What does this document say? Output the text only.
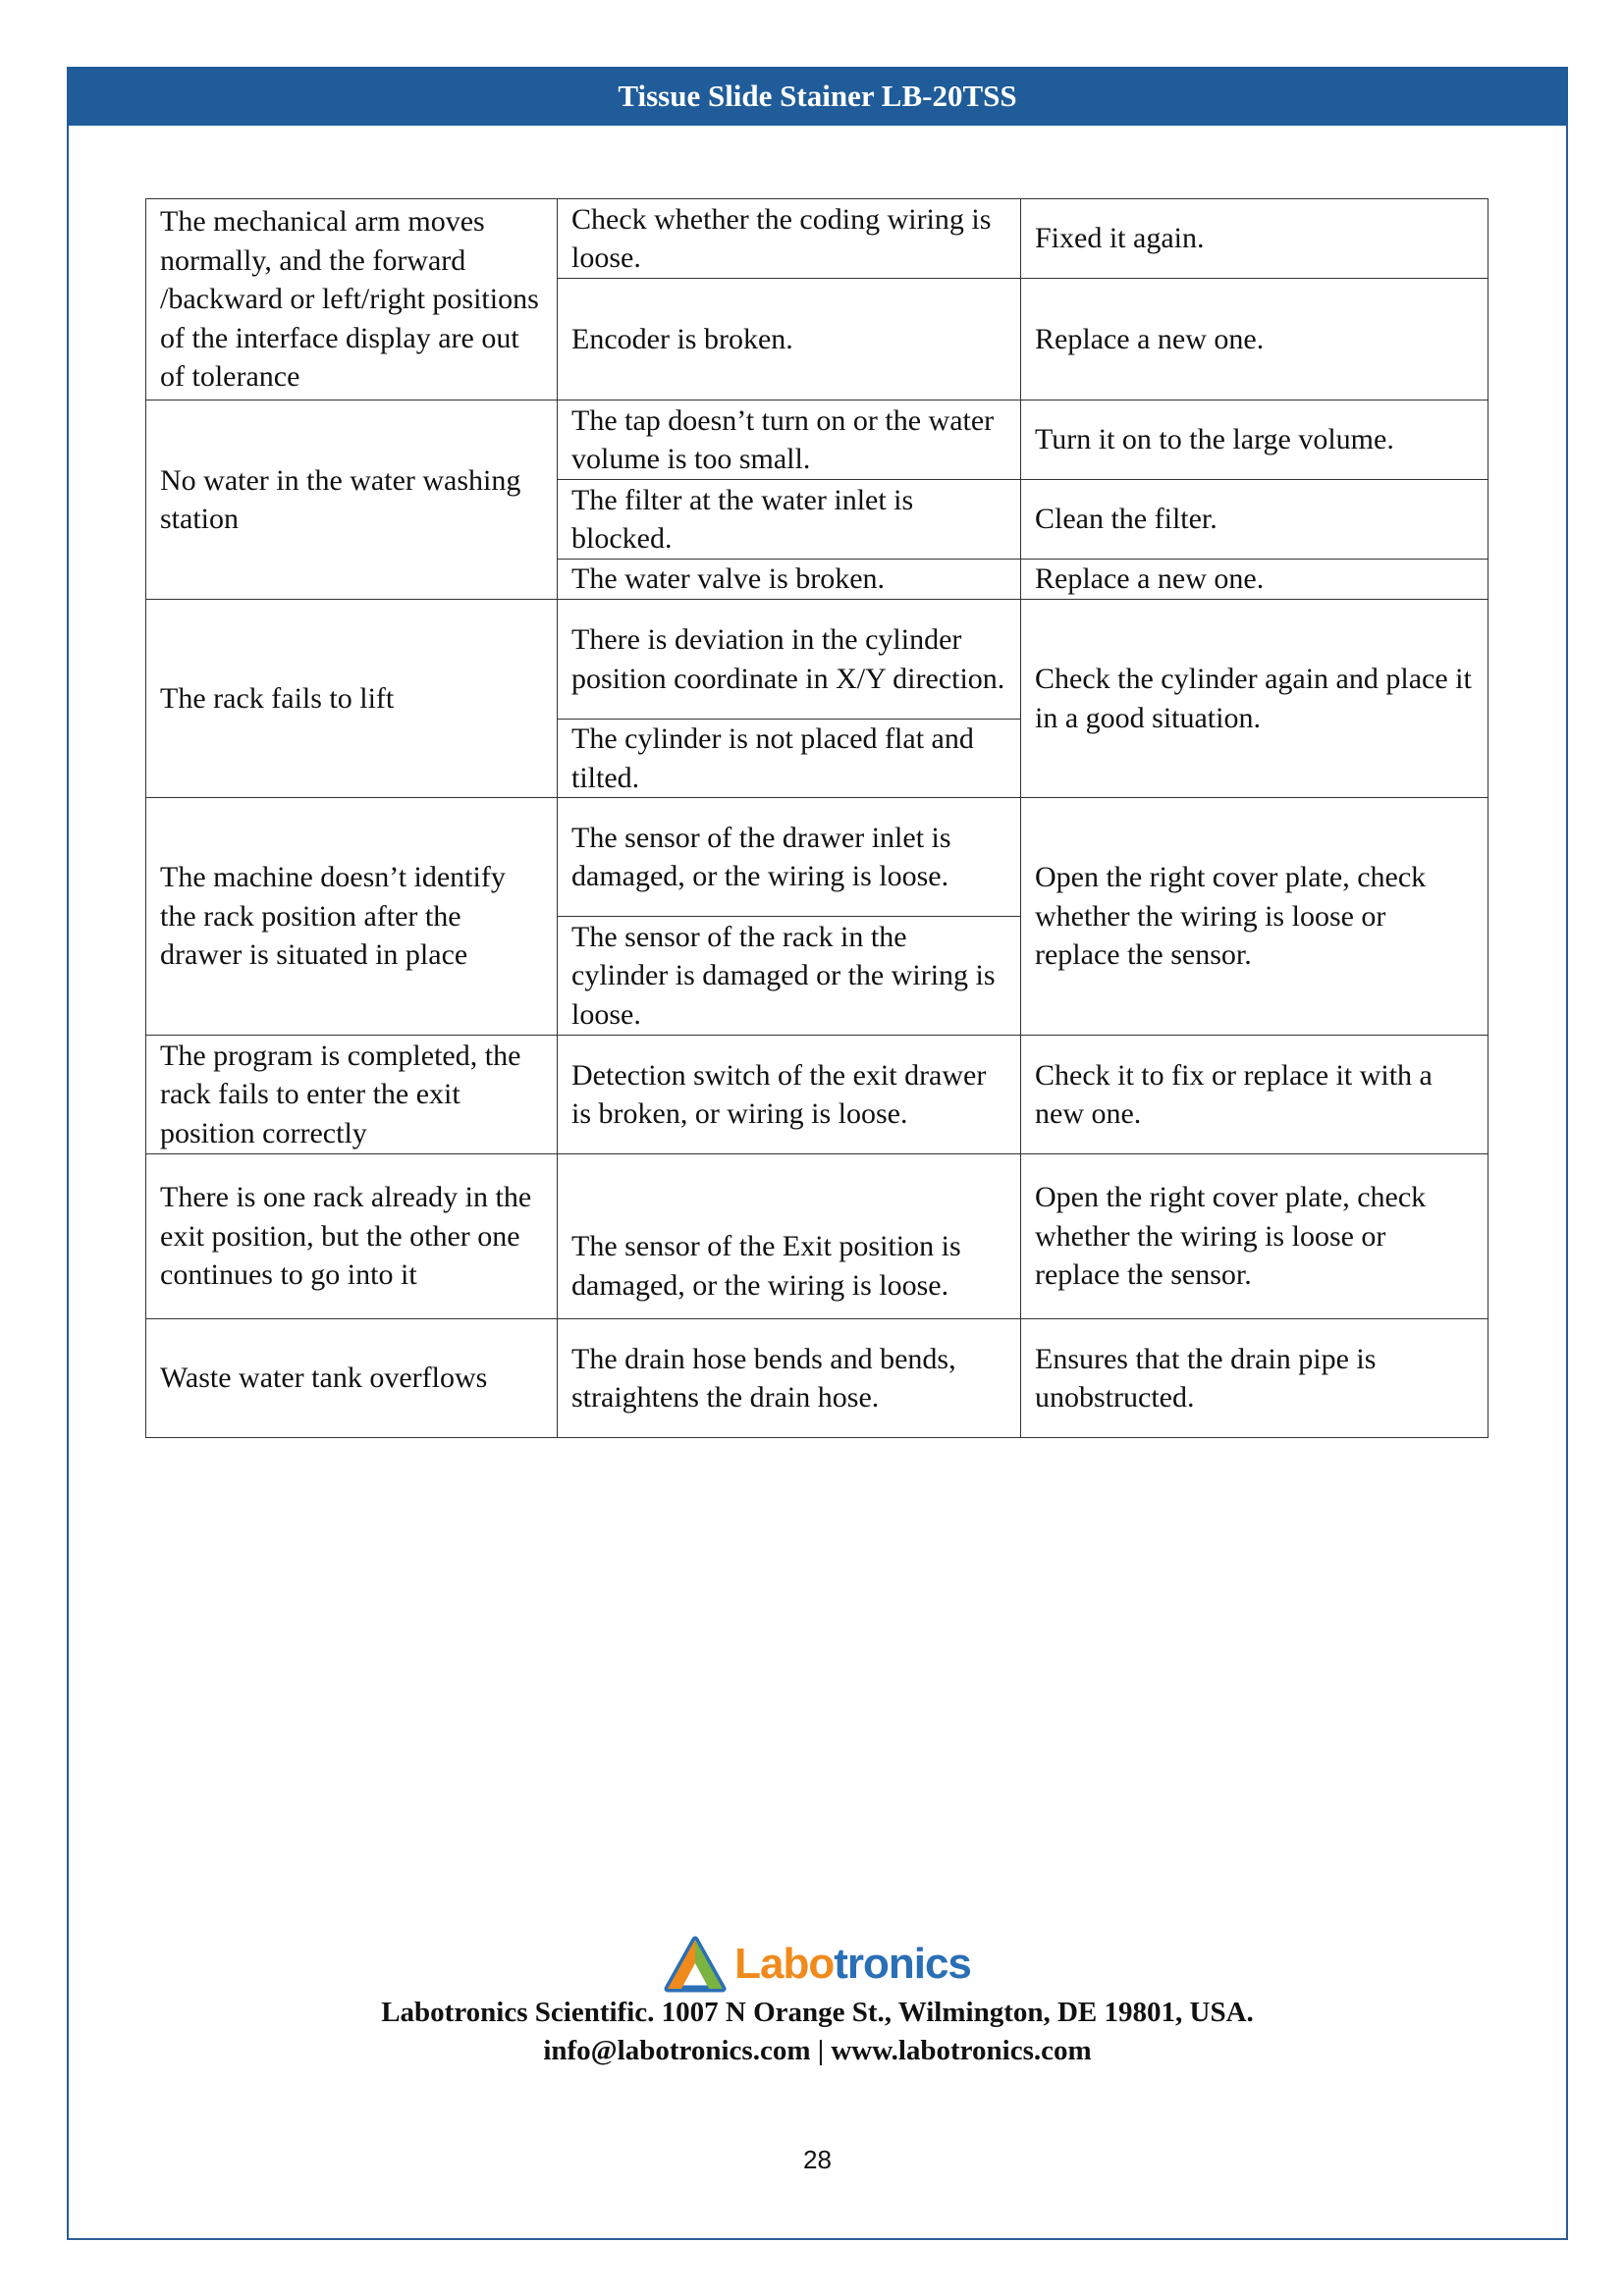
Tissue Slide Stainer LB-20TSS
The mechanical arm moves normally, and the forward /backward or left/right positions of the interface display are out of tolerance	Check whether the coding wiring is loose.	Fixed it again.
	Encoder is broken.	Replace a new one.
No water in the water washing station	The tap doesn’t turn on or the water volume is too small.	Turn it on to the large volume.
	The filter at the water inlet is blocked.	Clean the filter.
	The water valve is broken.	Replace a new one.
The rack fails to lift	There is deviation in the cylinder position coordinate in X/Y direction.	Check the cylinder again and place it in a good situation.
	The cylinder is not placed flat and tilted.	
The machine doesn’t identify the rack position after the drawer is situated in place	The sensor of the drawer inlet is damaged, or the wiring is loose.	Open the right cover plate, check whether the wiring is loose or replace the sensor.
	The sensor of the rack in the cylinder is damaged or the wiring is loose.	
The program is completed, the rack fails to enter the exit position correctly	Detection switch of the exit drawer is broken, or wiring is loose.	Check it to fix or replace it with a new one.
There is one rack already in the exit position, but the other one continues to go into it	The sensor of the Exit position is damaged, or the wiring is loose.	Open the right cover plate, check whether the wiring is loose or replace the sensor.
Waste water tank overflows	The drain hose bends and bends, straightens the drain hose.	Ensures that the drain pipe is unobstructed.
Labotronics
Labotronics Scientific. 1007 N Orange St., Wilmington, DE 19801, USA.
info@labotronics.com | www.labotronics.com
28
